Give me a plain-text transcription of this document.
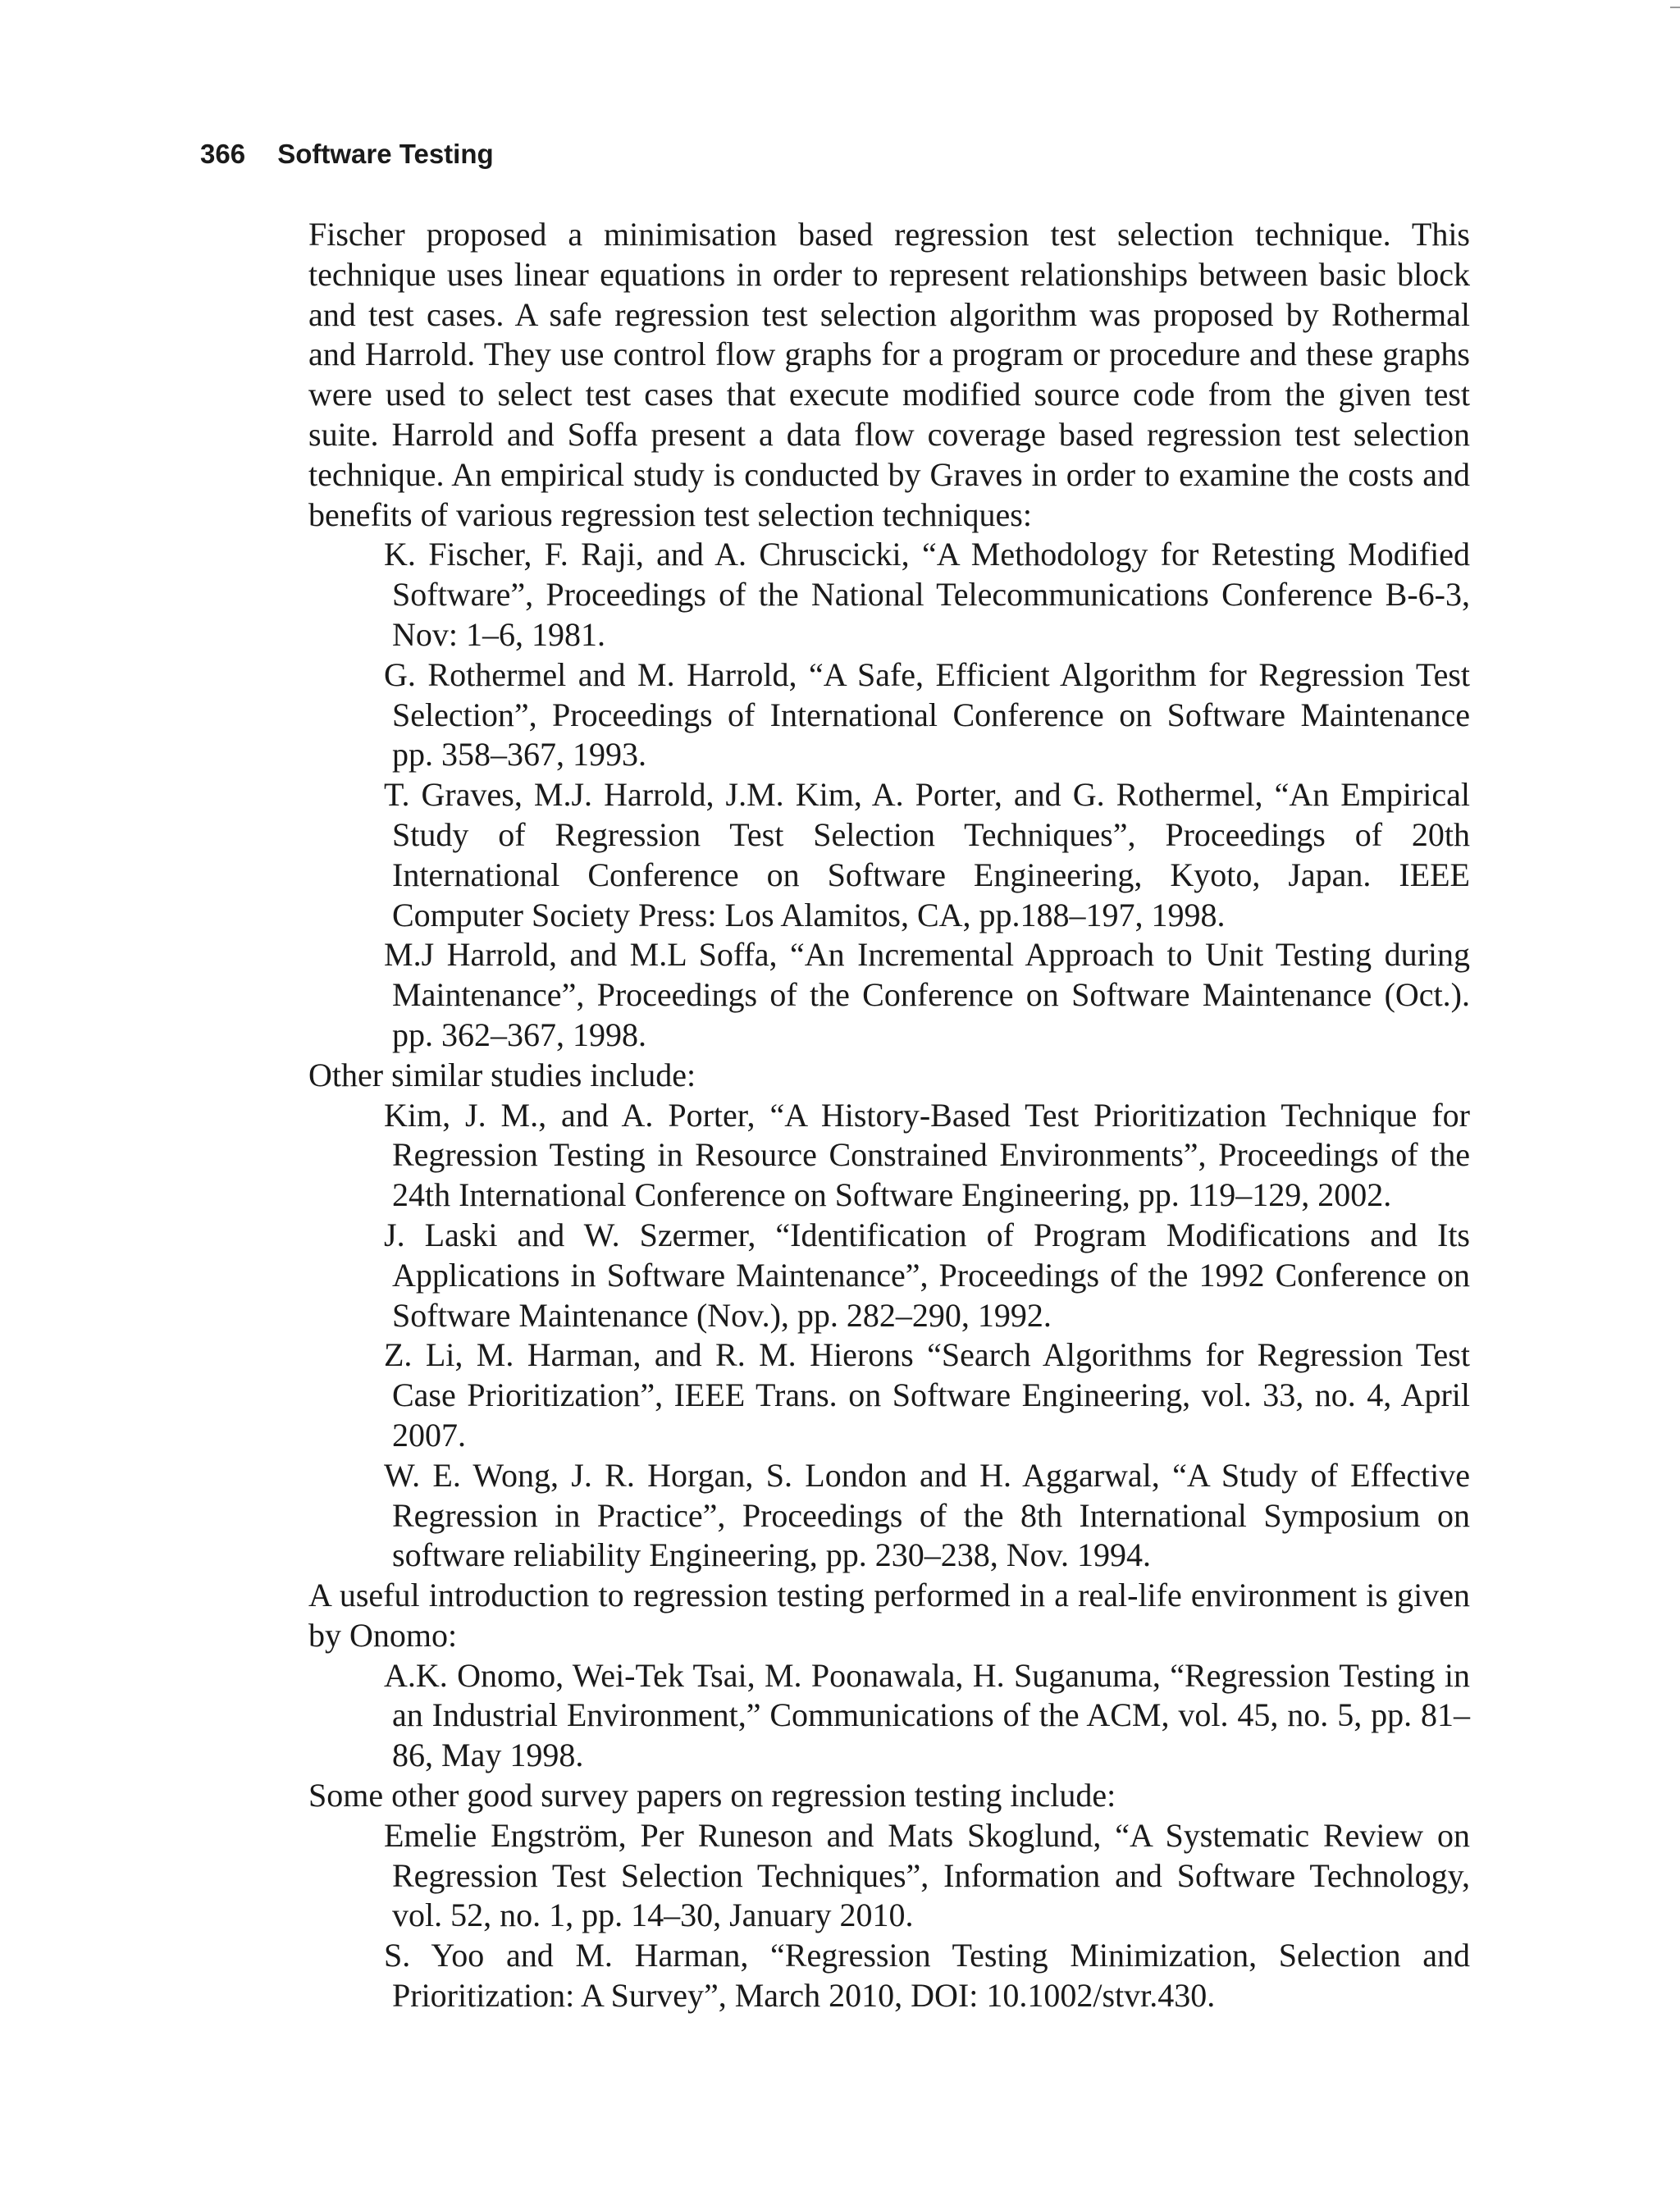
366 Software Testing

Fischer proposed a minimisation based regression test selection technique. This technique uses linear equations in order to represent relationships between basic block and test cases. A safe regression test selection algorithm was proposed by Rothermal and Harrold. They use control flow graphs for a program or procedure and these graphs were used to select test cases that execute modified source code from the given test suite. Harrold and Soffa present a data flow coverage based regression test selection technique. An empirical study is conducted by Graves in order to examine the costs and benefits of various regression test selection techniques:

K. Fischer, F. Raji, and A. Chruscicki, “A Methodology for Retesting Modified Software”, Proceedings of the National Telecommunications Conference B-6-3, Nov: 1–6, 1981.
G. Rothermel and M. Harrold, “A Safe, Efficient Algorithm for Regression Test Selection”, Proceedings of International Conference on Software Maintenance pp. 358–367, 1993.
T. Graves, M.J. Harrold, J.M. Kim, A. Porter, and G. Rothermel, “An Empirical Study of Regression Test Selection Techniques”, Proceedings of 20th International Conference on Software Engineering, Kyoto, Japan. IEEE Computer Society Press: Los Alamitos, CA, pp.188–197, 1998.
M.J Harrold, and M.L Soffa, “An Incremental Approach to Unit Testing during Maintenance”, Proceedings of the Conference on Software Maintenance (Oct.). pp. 362–367, 1998.

Other similar studies include:

Kim, J. M., and A. Porter, “A History-Based Test Prioritization Technique for Regression Testing in Resource Constrained Environments”, Proceedings of the 24th International Conference on Software Engineering, pp. 119–129, 2002.
J. Laski and W. Szermer, “Identification of Program Modifications and Its Applications in Software Maintenance”, Proceedings of the 1992 Conference on Software Maintenance (Nov.), pp. 282–290, 1992.
Z. Li, M. Harman, and R. M. Hierons “Search Algorithms for Regression Test Case Prioritization”, IEEE Trans. on Software Engineering, vol. 33, no. 4, April 2007.
W. E. Wong, J. R. Horgan, S. London and H. Aggarwal, “A Study of Effective Regression in Practice”, Proceedings of the 8th International Symposium on software reliability Engineering, pp. 230–238, Nov. 1994.

A useful introduction to regression testing performed in a real-life environment is given by Onomo:

A.K. Onomo, Wei-Tek Tsai, M. Poonawala, H. Suganuma, “Regression Testing in an Industrial Environment,” Communications of the ACM, vol. 45, no. 5, pp. 81–86, May 1998.

Some other good survey papers on regression testing include:

Emelie Engström, Per Runeson and Mats Skoglund, “A Systematic Review on Regression Test Selection Techniques”, Information and Software Technology, vol. 52, no. 1, pp. 14–30, January 2010.
S. Yoo and M. Harman, “Regression Testing Minimization, Selection and Prioritization: A Survey”, March 2010, DOI: 10.1002/stvr.430.
